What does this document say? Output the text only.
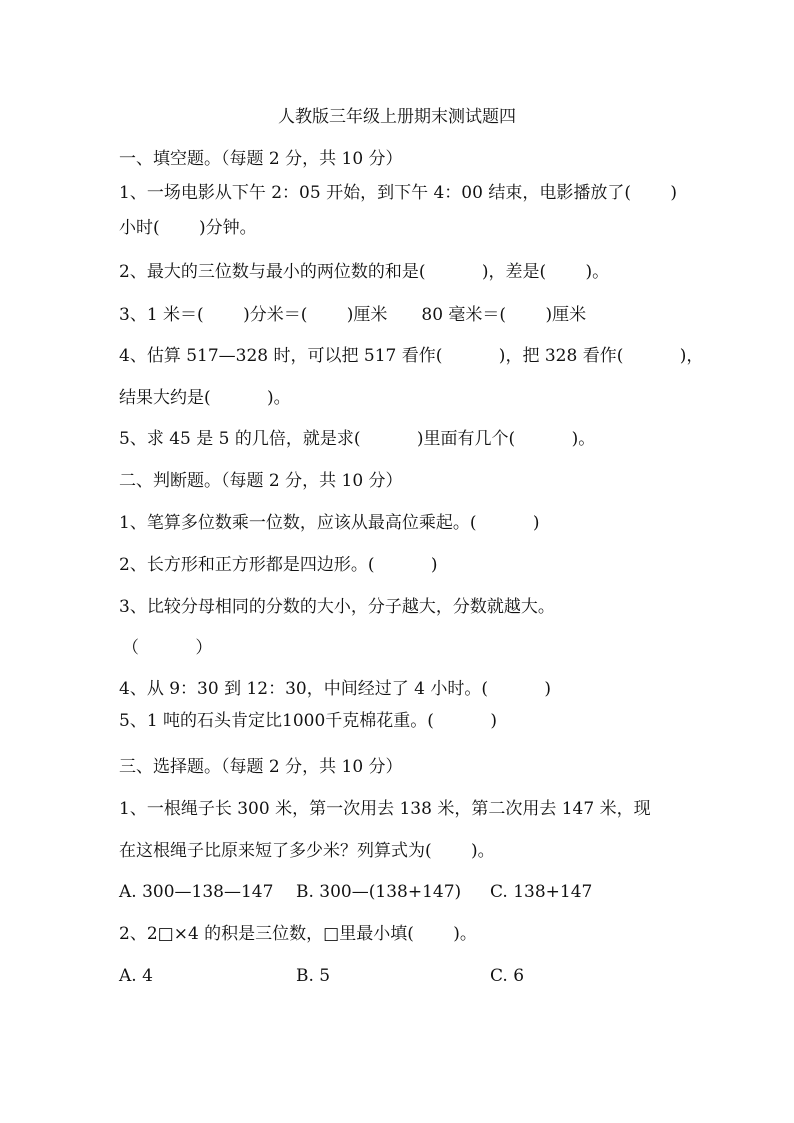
人教版三年级上册期末测试题四
一、填空题。（每题 2 分，共 10 分）
1、一场电影从下午 2：05 开始，到下午 4：00 结束，电影播放了(　　 )
小时(　　 )分钟。
2、最大的三位数与最小的两位数的和是(　　　 )，差是(　　 )。
3、1 米＝(　　 )分米＝(　　 )厘米　　80 毫米＝(　　 )厘米
4、估算 517—328 时，可以把 517 看作(　　　 )，把 328 看作(　　　 )，
结果大约是(　　　 )。
5、求 45 是 5 的几倍，就是求(　　　 )里面有几个(　　　 )。
二、判断题。（每题 2 分，共 10 分）
1、笔算多位数乘一位数，应该从最高位乘起。(　　　 )
2、长方形和正方形都是四边形。(　　　 )
3、比较分母相同的分数的大小，分子越大，分数就越大。
（　　　 ）
4、从 9：30 到 12：30，中间经过了 4 小时。(　　　 )
5、1 吨的石头肯定比1000千克棉花重。(　　　 )
三、选择题。（每题 2 分，共 10 分）
1、一根绳子长 300 米，第一次用去 138 米，第二次用去 147 米，现
在这根绳子比原来短了多少米？列算式为(　　 )。
A. 300—138—147 B. 300—(138+147) C. 138+147
2、2□×4 的积是三位数，□里最小填(　　 )。
A. 4	B. 5	C. 6
